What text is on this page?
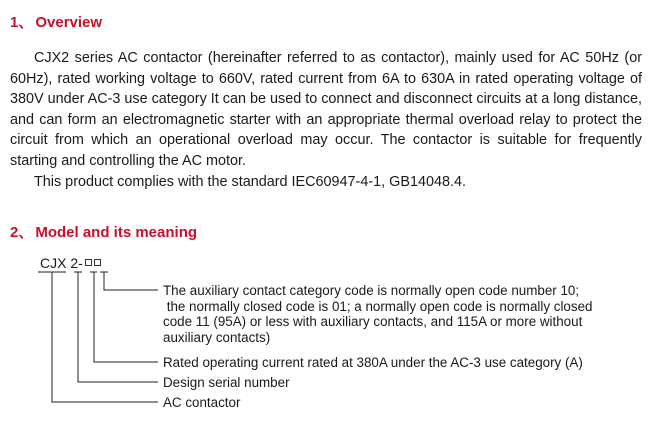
1、 Overview

CJX2 series AC contactor (hereinafter referred to as contactor), mainly used for AC 50Hz (or 60Hz), rated working voltage to 660V, rated current from 6A to 630A in rated operating voltage of 380V under AC-3 use category It can be used to connect and disconnect circuits at a long distance, and can form an electromagnetic starter with an appropriate thermal overload relay to protect the circuit from which an operational overload may occur. The contactor is suitable for frequently starting and controlling the AC motor.

This product complies with the standard IEC60947-4-1, GB14048.4.

2、 Model and its meaning
CJX 2-
The auxiliary contact category code is normally open code number 10;
the normally closed code is 01; a normally open code is normally closed
code 11 (95A) or less with auxiliary contacts, and 115A or more without
auxiliary contacts)
Rated operating current rated at 380A under the AC-3 use category (A)
Design serial number
AC contactor
